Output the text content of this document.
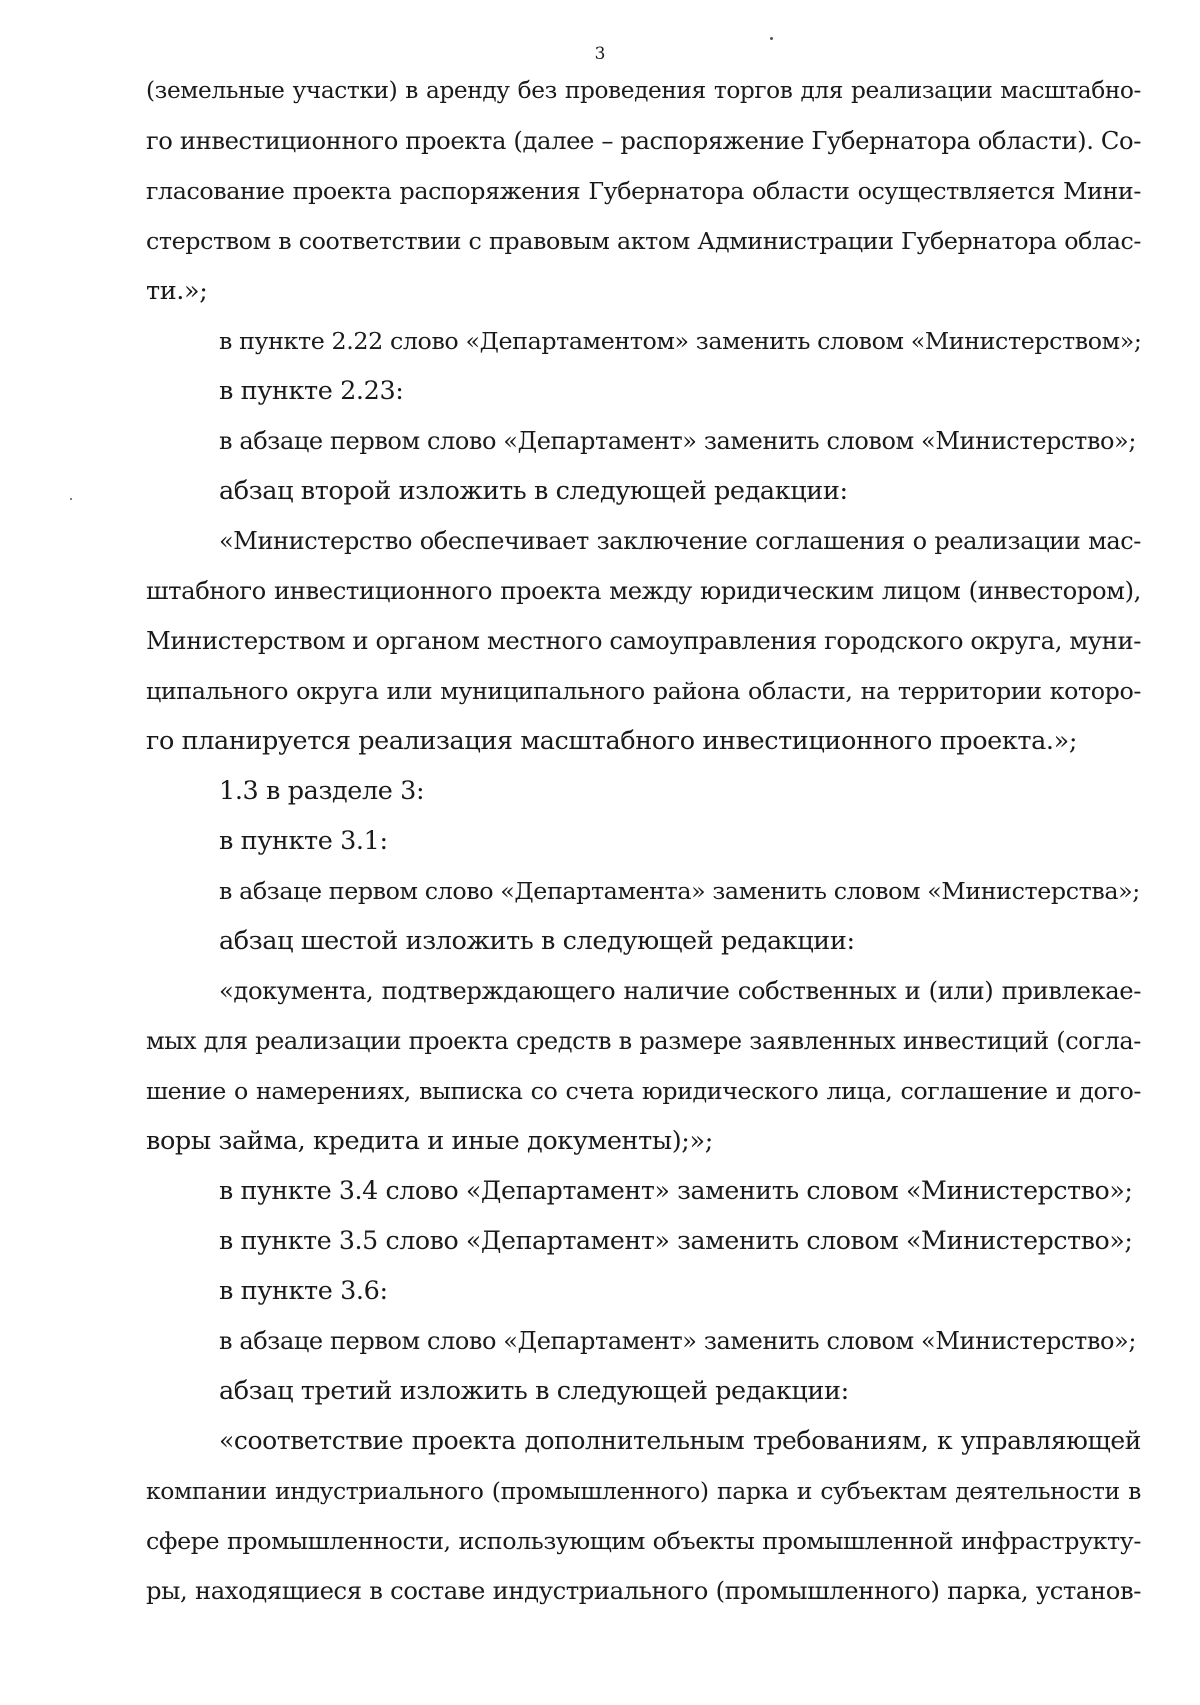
3
(земельные участки) в аренду без проведения торгов для реализации масштабно-
го инвестиционного проекта (далее – распоряжение Губернатора области). Со-
гласование проекта распоряжения Губернатора области осуществляется Мини-
стерством в соответствии с правовым актом Администрации Губернатора облас-
ти.»;
в пункте 2.22 слово «Департаментом» заменить словом «Министерством»;
в пункте 2.23:
в абзаце первом слово «Департамент» заменить словом «Министерство»;
абзац второй изложить в следующей редакции:
«Министерство обеспечивает заключение соглашения о реализации мас-
штабного инвестиционного проекта между юридическим лицом (инвестором),
Министерством и органом местного самоуправления городского округа, муни-
ципального округа или муниципального района области, на территории которо-
го планируется реализация масштабного инвестиционного проекта.»;
1.3 в разделе 3:
в пункте 3.1:
в абзаце первом слово «Департамента» заменить словом «Министерства»;
абзац шестой изложить в следующей редакции:
«документа, подтверждающего наличие собственных и (или) привлекае-
мых для реализации проекта средств в размере заявленных инвестиций (согла-
шение о намерениях, выписка со счета юридического лица, соглашение и дого-
воры займа, кредита и иные документы);»;
в пункте 3.4 слово «Департамент» заменить словом «Министерство»;
в пункте 3.5 слово «Департамент» заменить словом «Министерство»;
в пункте 3.6:
в абзаце первом слово «Департамент» заменить словом «Министерство»;
абзац третий изложить в следующей редакции:
«соответствие проекта дополнительным требованиям, к управляющей
компании индустриального (промышленного) парка и субъектам деятельности в
сфере промышленности, использующим объекты промышленной инфраструкту-
ры, находящиеся в составе индустриального (промышленного) парка, установ-
